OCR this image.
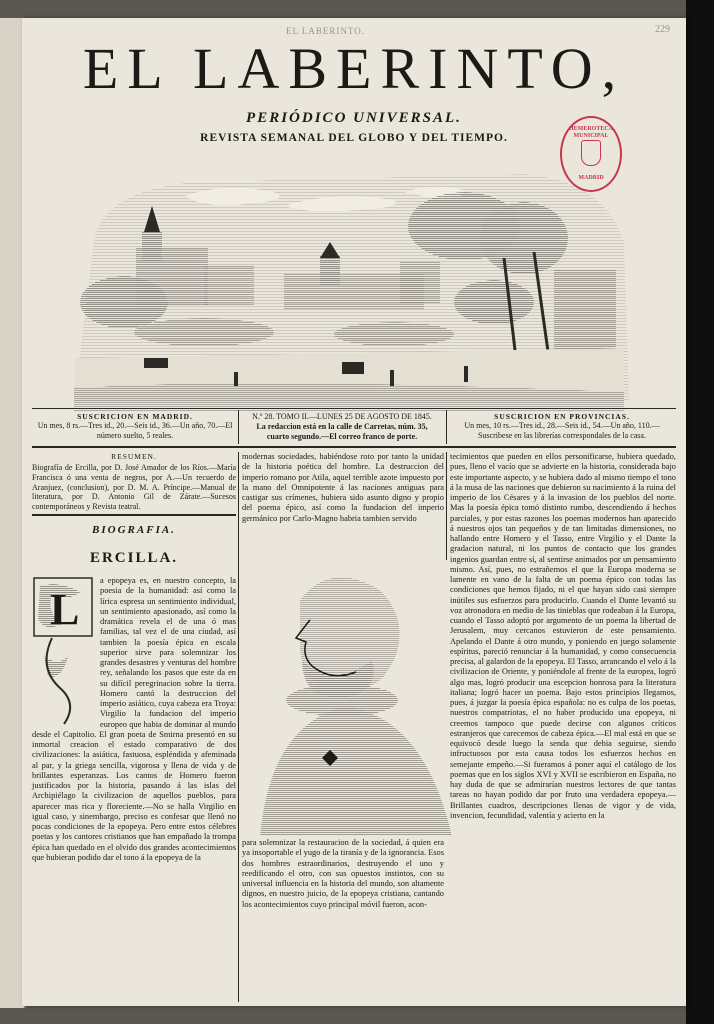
EL LABERINTO.	229
EL LABERINTO,
PERIÓDICO UNIVERSAL.
REVISTA SEMANAL DEL GLOBO Y DEL TIEMPO.
HEMEROTECA MUNICIPAL
MADRID
SUSCRICION EN MADRID.
Un mes, 8 rs.—Tres id., 20.—Seis id., 36.—Un año, 70.—El
número suelto, 5 reales.
N.º 28. TOMO II.—LUNES 25 DE AGOSTO DE 1845.
La redaccion está en la calle de Carretas, núm. 35,
cuarto segundo.—El correo franco de porte.
SUSCRICION EN PROVINCIAS.
Un mes, 10 rs.—Tres id., 28.—Seis id., 54.—Un año, 110.—
Suscribese en las librerías correspondales de la casa.
RESUMEN.
Biografía de Ercilla, por D. José Amador de los Ríos.—María Francisca ó una venta de negros, por A.—Un recuerdo de Aranjuez, (conclusion), por D. M. A. Príncipe.—Manual de literatura, por D. Antonio Gil de Zárate.—Sucesos contemporáneos y Revista teatral.
BIOGRAFIA.
ERCILLA.
L
a epopeya es, en nuestro concepto, la poesia de la humanidad: así como la lírica espresa un sentimiento individual, un sentimiento apasionado, así como la dramática revela el de una ó mas familias, tal vez el de una ciudad, así tambien la poesía épica en escala superior sirve para solemnizar los grandes desastres y venturas del hombre rey, señalando los pasos que este da en su difícil peregrinacion sobre la tierra. Homero cantó la destruccion del imperio asiático, cuya cabeza era Troya: Virgilio la fundacion del imperio europeo que habia de dominar al mundo desde el Capitolio. El gran poeta de Smirna presentó en su inmortal creacion el estado comparativo de dos civilizaciones: la asiática, fastuosa, espléndida y afeminada al par, y la griega sencilla, vigorosa y llena de vida y de brillantes esperanzas. Los cantos de Homero fueron justificados por la historia, pasando á las islas del Archipiélago la civilizacion de aquellos pueblos, para aparecer mas rica y floreciente.—No se halla Virgilio en igual caso, y sinembargo, preciso es confesar que llenó no pocas condiciones de la epopeya. Pero entre estos célebres poetas y los cantores cristianos que han empañado la trompa épica han quedado en el olvido dos grandes acontecimientos que hubieran podido dar el tono á la epopeya de la
modernas sociedades, habiéndose roto por tanto la unidad de la historia poética del hombre. La destruccion del imperio romano por Atila, aquel terrible azote impuesto por la mano del Omnipotente á las naciones antiguas para castigar sus crímenes, hubiera sido asunto digno y propio del poema épico, así como la fundacion del imperio germánico por Carlo-Magno habria tambien servido
para solemnizar la restauracion de la sociedad, á quien era ya insoportable el yugo de la tiranía y de la ignorancia. Esos dos hombres estraordinarios, destruyendo el uno y reedificando el otro, con sus opuestos instintos, con su universal influencia en la historia del mundo, son altamente dignos, en nuestro juicio, de la epopeya cristiana, cantando los acontecimientos cuyo principal móvil fueron, acon-
tecimientos que pueden en ellos personificarse, hubiera quedado, pues, lleno el vacío que se advierte en la historia, considerada bajo este importante aspecto, y se hubiera dado al mismo tiempo el tono á la musa de las naciones que debieron su nacimiento á la ruina del imperio de los Césares y á la invasion de los pueblos del norte. Mas la poesía épica tomó distinto rumbo, descendiendo á hechos parciales, y por estas razones los poemas modernos han aparecido á nuestros ojos tan pequeños y de tan limitadas dimensiones, no hallando entre Homero y el Tasso, entre Virgilio y el Dante la gradacion natural, ni los puntos de contacto que los grandes ingenios guardan entre sí, al sentirse animados por un pensamiento mismo. Así, pues, no estrañemos el que la Europa moderna se lamente en vano de la falta de un poema épico con todas las condiciones que hemos fijado, ni el que hayan sido casi siempre inútiles sus esfuerzos para producirlo. Cuando el Dante levantó su voz atronadora en medio de las tinieblas que rodeaban á la Europa, cuando el Tasso adoptó por argumento de un poema la libertad de Jerusalem, muy cercanos estuvieron de este pensamiento. Apelando el Dante á otro mundo, y poniendo en juego solamente espíritus, pareció renunciar á la humanidad, y como consecuencia precisa, al galardon de la epopeya. El Tasso, arrancando el velo á la civilizacion de Oriente, y poniéndole al frente de la europea, logró algo mas, logró producir una escepcion honrosa para la literatura italiana; logró hacer un poema. Bajo estos principios llegamos, pues, á juzgar la poesía épica española: no es culpa de los poetas, nuestros compatriotas, el no haber producido una epopeya, ni creemos tampoco que puede decirse con algunos críticos estranjeros que carecemos de cabeza épica.—El mal está en que se equivocó desde luego la senda que debia seguirse, siendo infructuosos por esta causa todos los esfuerzos hechos en semejante empeño.—Si fueramos á poner aquí el catálogo de los poemas que en los siglos XVI y XVII se escribieron en España, no hay duda de que se admirarían nuestros lectores de que tantas tareas no hayan podido dar por fruto una verdadera epopeya.—Brillantes cuadros, descripciones llenas de vigor y de vida, invencion, fecundidad, valentía y acierto en la
